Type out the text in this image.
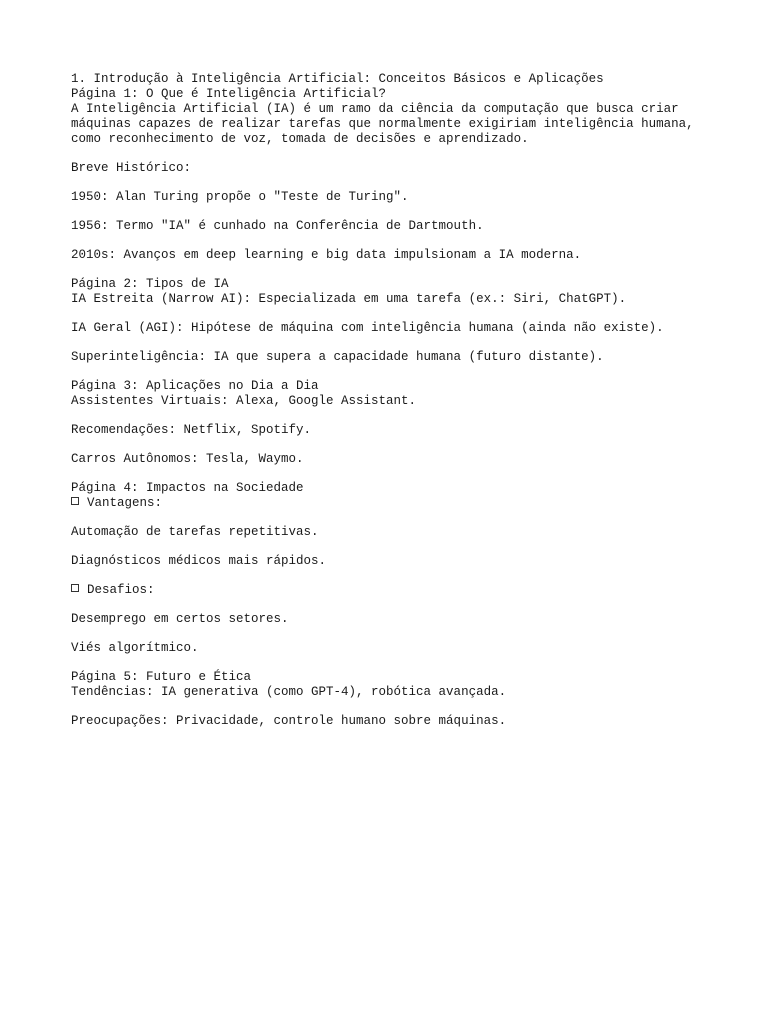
1. Introdução à Inteligência Artificial: Conceitos Básicos e Aplicações
Página 1: O Que é Inteligência Artificial?
A Inteligência Artificial (IA) é um ramo da ciência da computação que busca criar
máquinas capazes de realizar tarefas que normalmente exigiriam inteligência humana,
como reconhecimento de voz, tomada de decisões e aprendizado.
Breve Histórico:
1950: Alan Turing propõe o "Teste de Turing".
1956: Termo "IA" é cunhado na Conferência de Dartmouth.
2010s: Avanços em deep learning e big data impulsionam a IA moderna.
Página 2: Tipos de IA
IA Estreita (Narrow AI): Especializada em uma tarefa (ex.: Siri, ChatGPT).
IA Geral (AGI): Hipótese de máquina com inteligência humana (ainda não existe).
Superinteligência: IA que supera a capacidade humana (futuro distante).
Página 3: Aplicações no Dia a Dia
Assistentes Virtuais: Alexa, Google Assistant.
Recomendações: Netflix, Spotify.
Carros Autônomos: Tesla, Waymo.
Página 4: Impactos na Sociedade
Vantagens:
Automação de tarefas repetitivas.
Diagnósticos médicos mais rápidos.
Desafios:
Desemprego em certos setores.
Viés algorítmico.
Página 5: Futuro e Ética
Tendências: IA generativa (como GPT-4), robótica avançada.
Preocupações: Privacidade, controle humano sobre máquinas.
